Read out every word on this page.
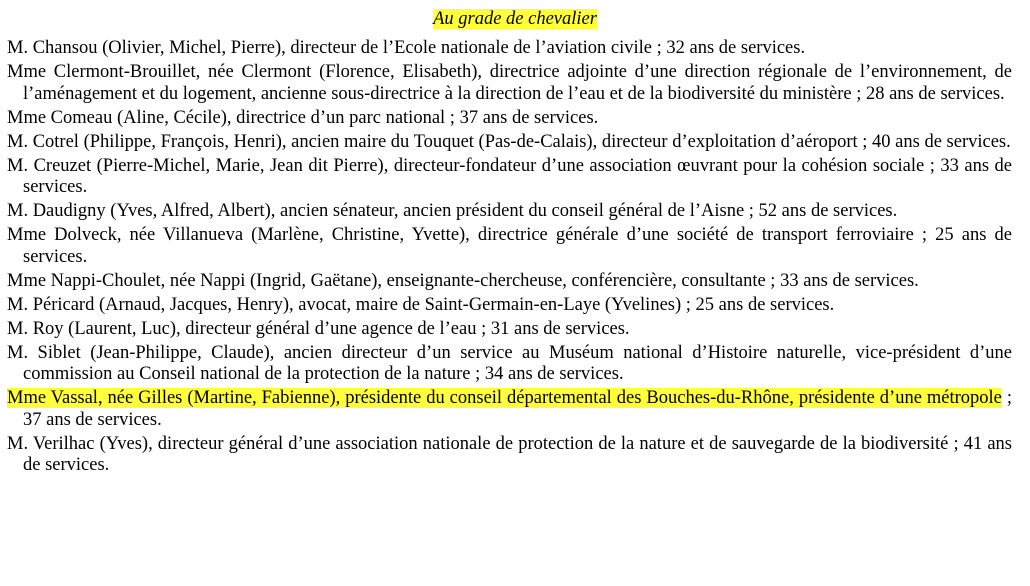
Au grade de chevalier
M. Chansou (Olivier, Michel, Pierre), directeur de l’Ecole nationale de l’aviation civile ; 32 ans de services.
Mme Clermont-Brouillet, née Clermont (Florence, Elisabeth), directrice adjointe d’une direction régionale de l’environnement, de l’aménagement et du logement, ancienne sous-directrice à la direction de l’eau et de la biodiversité du ministère ; 28 ans de services.
Mme Comeau (Aline, Cécile), directrice d’un parc national ; 37 ans de services.
M. Cotrel (Philippe, François, Henri), ancien maire du Touquet (Pas-de-Calais), directeur d’exploitation d’aéroport ; 40 ans de services.
M. Creuzet (Pierre-Michel, Marie, Jean dit Pierre), directeur-fondateur d’une association œuvrant pour la cohésion sociale ; 33 ans de services.
M. Daudigny (Yves, Alfred, Albert), ancien sénateur, ancien président du conseil général de l’Aisne ; 52 ans de services.
Mme Dolveck, née Villanueva (Marlène, Christine, Yvette), directrice générale d’une société de transport ferroviaire ; 25 ans de services.
Mme Nappi-Choulet, née Nappi (Ingrid, Gaëtane), enseignante-chercheuse, conférencière, consultante ; 33 ans de services.
M. Péricard (Arnaud, Jacques, Henry), avocat, maire de Saint-Germain-en-Laye (Yvelines) ; 25 ans de services.
M. Roy (Laurent, Luc), directeur général d’une agence de l’eau ; 31 ans de services.
M. Siblet (Jean-Philippe, Claude), ancien directeur d’un service au Muséum national d’Histoire naturelle, vice-président d’une commission au Conseil national de la protection de la nature ; 34 ans de services.
Mme Vassal, née Gilles (Martine, Fabienne), présidente du conseil départemental des Bouches-du-Rhône, présidente d’une métropole ; 37 ans de services.
M. Verilhac (Yves), directeur général d’une association nationale de protection de la nature et de sauvegarde de la biodiversité ; 41 ans de services.
